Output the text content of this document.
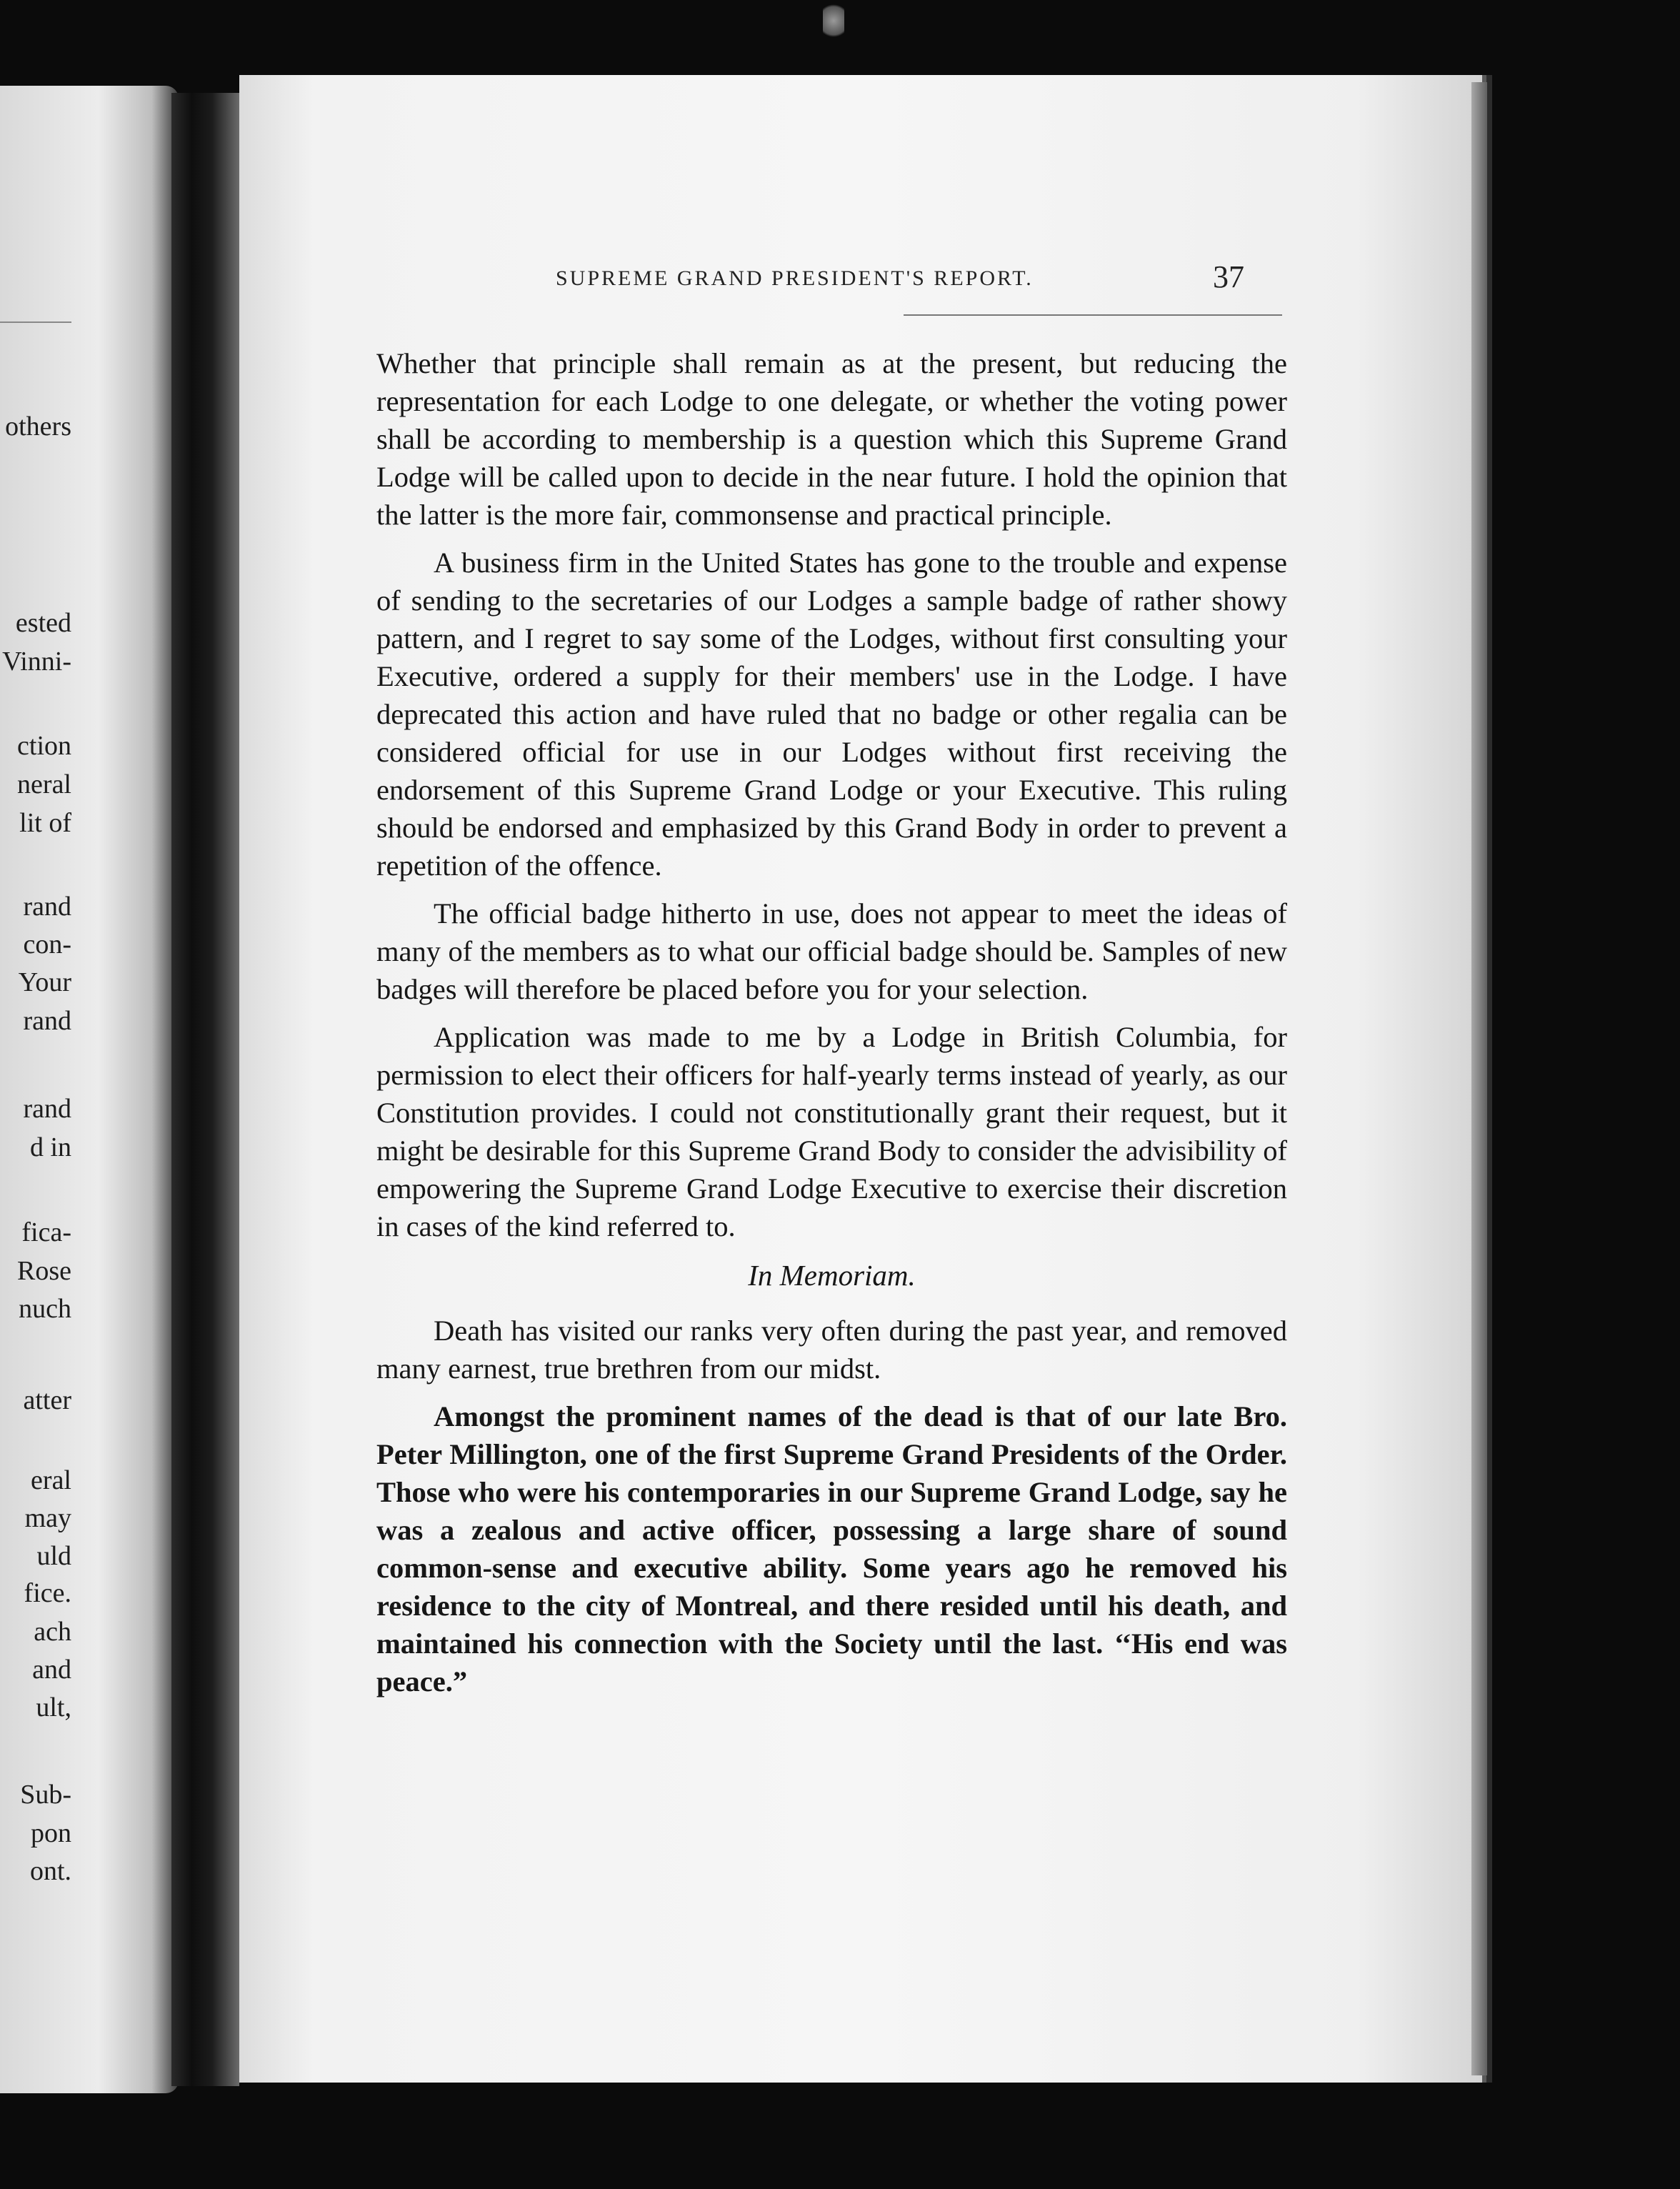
others
ested
Vinni-
ction
neral
lit of
rand
con-
Your
rand
rand
d in
fica-
Rose
nuch
atter
eral
may
uld
fice.
ach
and
ult,
Sub-
pon
ont.
SUPREME GRAND PRESIDENT'S REPORT.	37

Whether that principle shall remain as at the present, but reducing the representation for each Lodge to one delegate, or whether the voting power shall be according to membership is a question which this Supreme Grand Lodge will be called upon to decide in the near future. I hold the opinion that the latter is the more fair, commonsense and practical principle.

A business firm in the United States has gone to the trouble and expense of sending to the secretaries of our Lodges a sample badge of rather showy pattern, and I regret to say some of the Lodges, without first consulting your Executive, ordered a supply for their members' use in the Lodge. I have deprecated this action and have ruled that no badge or other regalia can be considered official for use in our Lodges without first receiving the endorsement of this Supreme Grand Lodge or your Executive. This ruling should be endorsed and emphasized by this Grand Body in order to prevent a repetition of the offence.

The official badge hitherto in use, does not appear to meet the ideas of many of the members as to what our official badge should be. Samples of new badges will therefore be placed before you for your selection.

Application was made to me by a Lodge in British Columbia, for permission to elect their officers for half-yearly terms instead of yearly, as our Constitution provides. I could not constitutionally grant their request, but it might be desirable for this Supreme Grand Body to consider the advisibility of empowering the Supreme Grand Lodge Executive to exercise their discretion in cases of the kind referred to.

In Memoriam.

Death has visited our ranks very often during the past year, and removed many earnest, true brethren from our midst.

Amongst the prominent names of the dead is that of our late Bro. Peter Millington, one of the first Supreme Grand Presidents of the Order. Those who were his contemporaries in our Supreme Grand Lodge, say he was a zealous and active officer, possessing a large share of sound common-sense and executive ability. Some years ago he removed his residence to the city of Montreal, and there resided until his death, and maintained his connection with the Society until the last. ‘‘His end was peace.”
